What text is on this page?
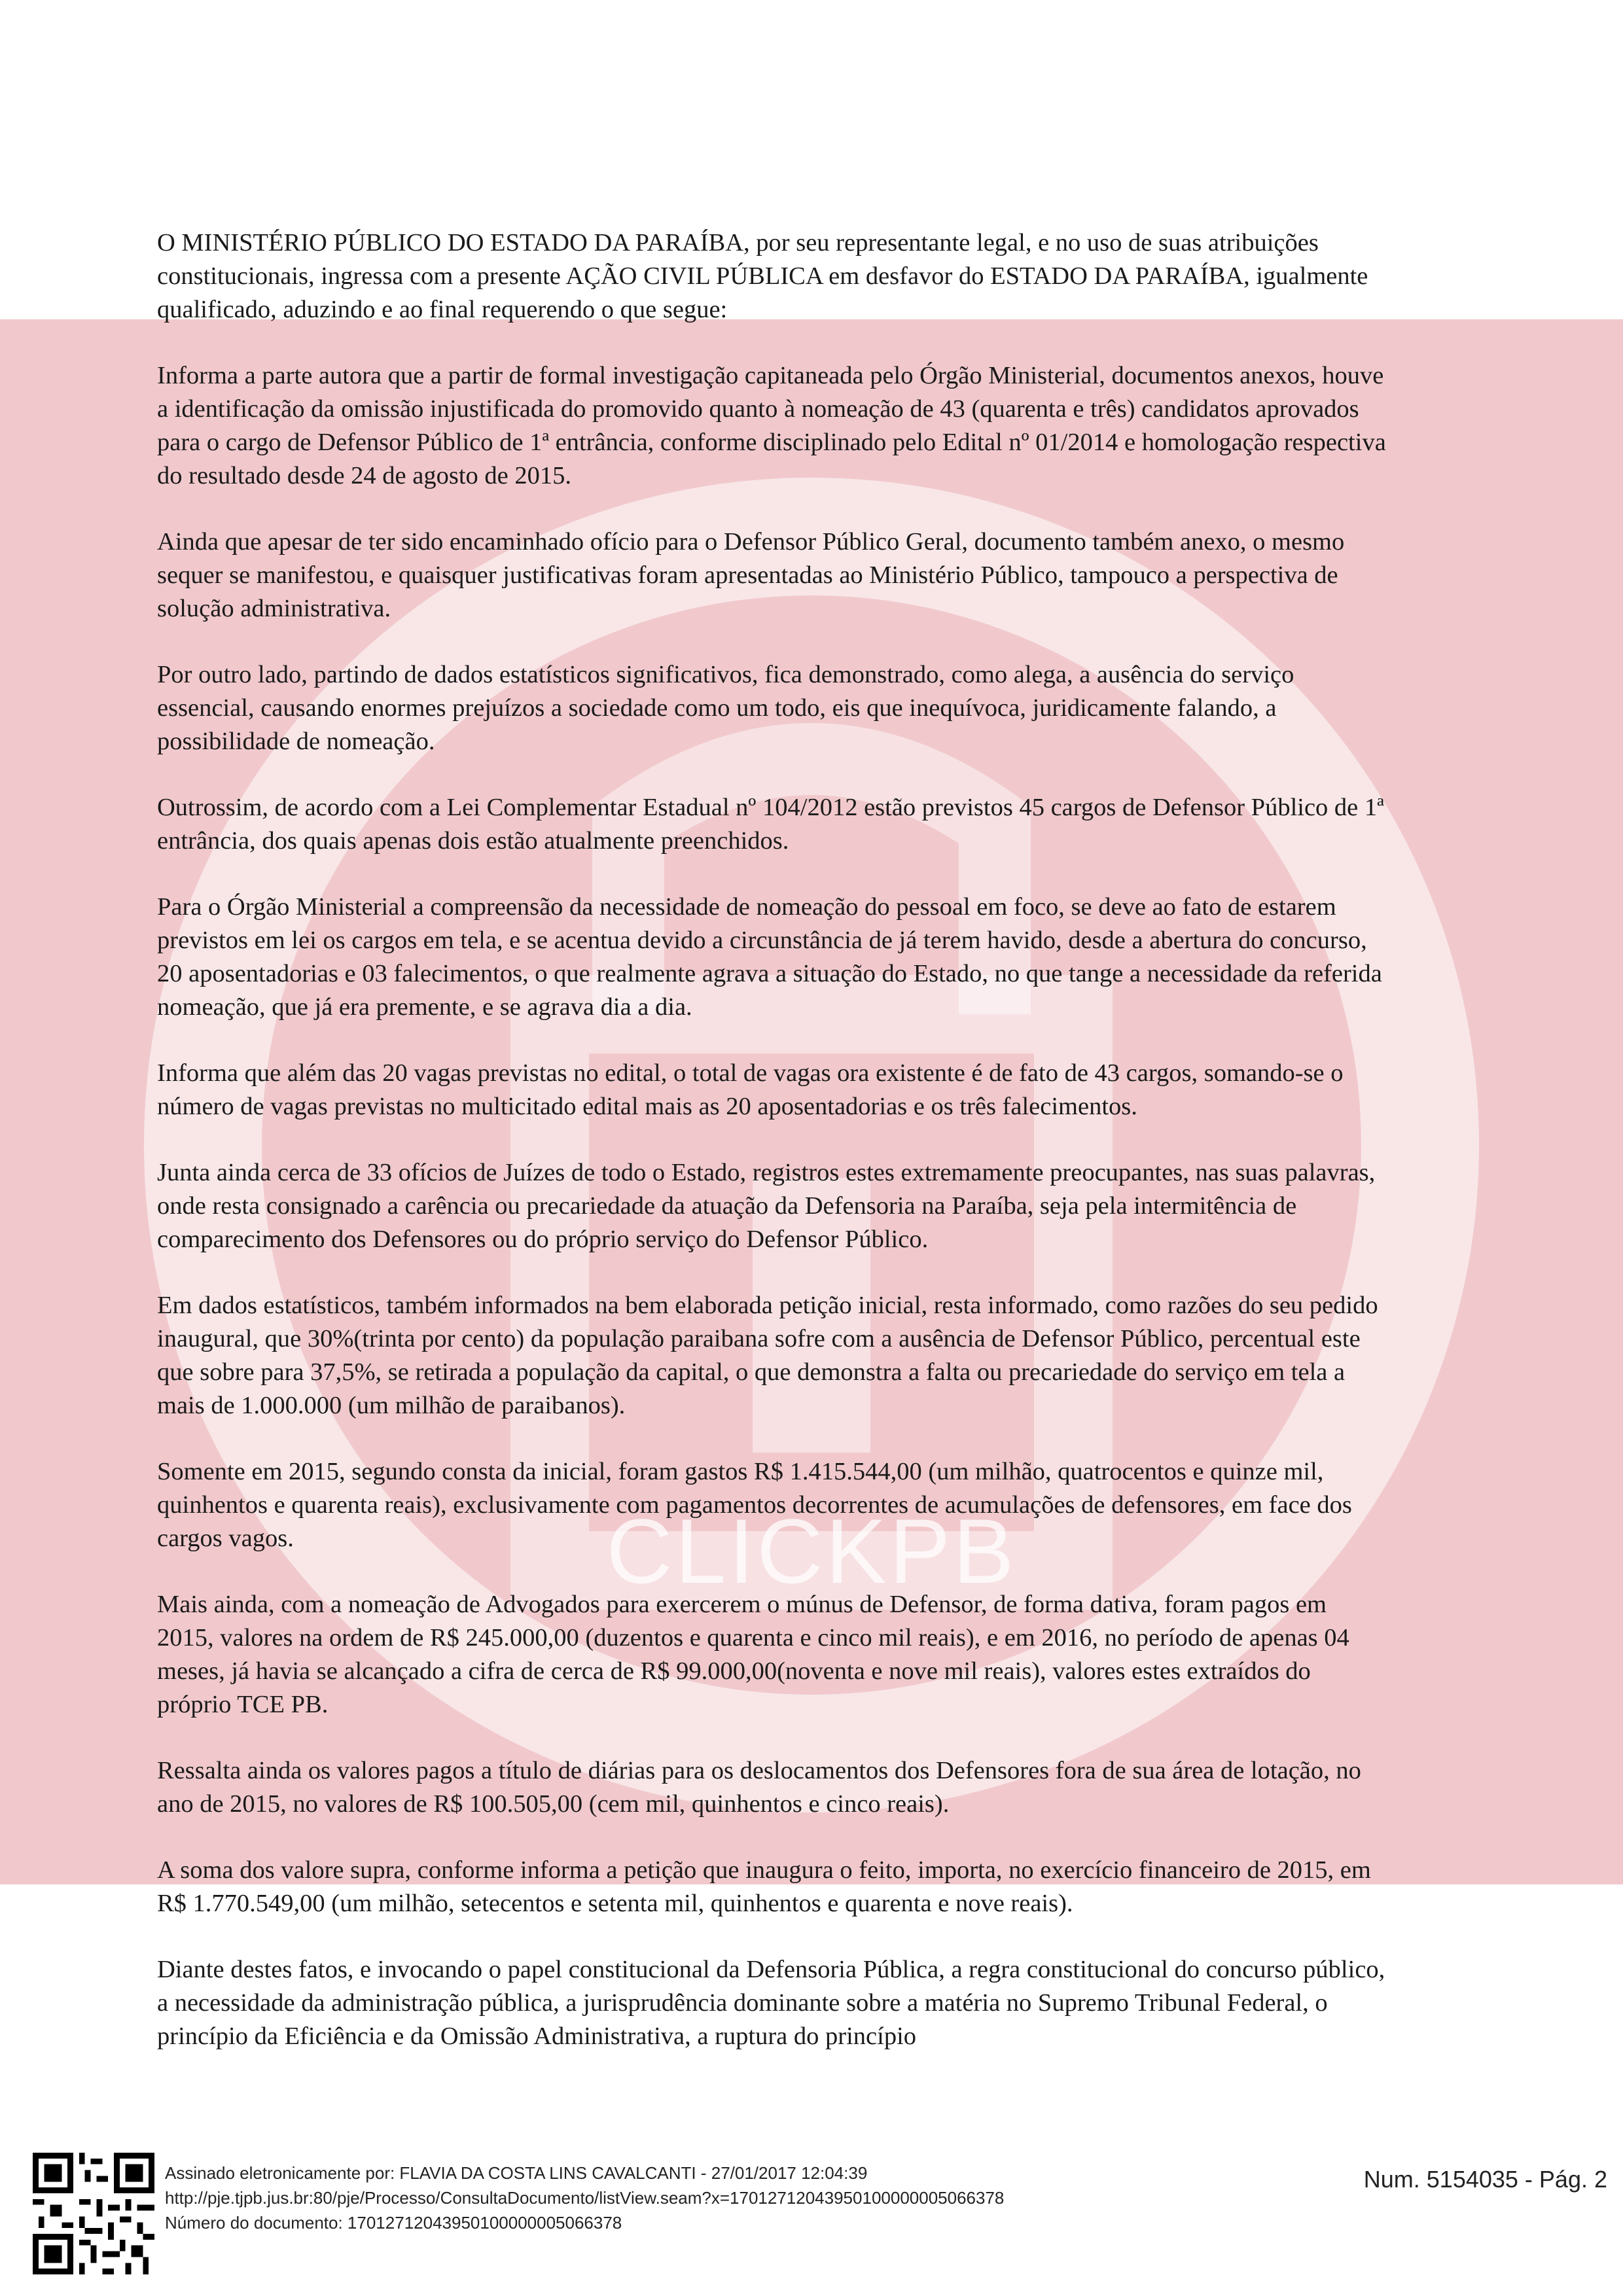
CLICKPB

O MINISTÉRIO PÚBLICO DO ESTADO DA PARAÍBA, por seu representante legal, e no uso de suas atribuições constitucionais, ingressa com a presente AÇÃO CIVIL PÚBLICA em desfavor do ESTADO DA PARAÍBA, igualmente qualificado, aduzindo e ao final requerendo o que segue:

Informa a parte autora que a partir de formal investigação capitaneada pelo Órgão Ministerial, documentos anexos, houve a identificação da omissão injustificada do promovido quanto à nomeação de 43 (quarenta e três) candidatos aprovados para o cargo de Defensor Público de 1ª entrância, conforme disciplinado pelo Edital nº 01/2014 e homologação respectiva do resultado desde 24 de agosto de 2015.

Ainda que apesar de ter sido encaminhado ofício para o Defensor Público Geral, documento também anexo, o mesmo sequer se manifestou, e quaisquer justificativas foram apresentadas ao Ministério Público, tampouco a perspectiva de solução administrativa.

Por outro lado, partindo de dados estatísticos significativos, fica demonstrado, como alega, a ausência do serviço essencial, causando enormes prejuízos a sociedade como um todo, eis que inequívoca, juridicamente falando, a possibilidade de nomeação.

Outrossim, de acordo com a Lei Complementar Estadual nº 104/2012 estão previstos 45 cargos de Defensor Público de 1ª entrância, dos quais apenas dois estão atualmente preenchidos.

Para o Órgão Ministerial a compreensão da necessidade de nomeação do pessoal em foco, se deve ao fato de estarem previstos em lei os cargos em tela, e se acentua devido a circunstância de já terem havido, desde a abertura do concurso, 20 aposentadorias e 03 falecimentos, o que realmente agrava a situação do Estado, no que tange a necessidade da referida nomeação, que já era premente, e se agrava dia a dia.

Informa que além das 20 vagas previstas no edital, o total de vagas ora existente é de fato de 43 cargos, somando-se o número de vagas previstas no multicitado edital mais as 20 aposentadorias e os três falecimentos.

Junta ainda cerca de 33 ofícios de Juízes de todo o Estado, registros estes extremamente preocupantes, nas suas palavras, onde resta consignado a carência ou precariedade da atuação da Defensoria na Paraíba, seja pela intermitência de comparecimento dos Defensores ou do próprio serviço do Defensor Público.

Em dados estatísticos, também informados na bem elaborada petição inicial, resta informado, como razões do seu pedido inaugural, que 30%(trinta por cento) da população paraibana sofre com a ausência de Defensor Público, percentual este que sobre para 37,5%, se retirada a população da capital, o que demonstra a falta ou precariedade do serviço em tela a mais de 1.000.000 (um milhão de paraibanos).

Somente em 2015, segundo consta da inicial, foram gastos R$ 1.415.544,00 (um milhão, quatrocentos e quinze mil, quinhentos e quarenta reais), exclusivamente com pagamentos decorrentes de acumulações de defensores, em face dos cargos vagos.

Mais ainda, com a nomeação de Advogados para exercerem o múnus de Defensor, de forma dativa, foram pagos em 2015, valores na ordem de R$ 245.000,00 (duzentos e quarenta e cinco mil reais), e em 2016, no período de apenas 04 meses, já havia se alcançado a cifra de cerca de R$ 99.000,00(noventa e nove mil reais), valores estes extraídos do próprio TCE PB.

Ressalta ainda os valores pagos a título de diárias para os deslocamentos dos Defensores fora de sua área de lotação, no ano de 2015, no valores de R$ 100.505,00 (cem mil, quinhentos e cinco reais).

A soma dos valore supra, conforme informa a petição que inaugura o feito, importa, no exercício financeiro de 2015, em R$ 1.770.549,00 (um milhão, setecentos e setenta mil, quinhentos e quarenta e nove reais).

Diante destes fatos, e invocando o papel constitucional da Defensoria Pública, a regra constitucional do concurso público, a necessidade da administração pública, a jurisprudência dominante sobre a matéria no Supremo Tribunal Federal, o princípio da Eficiência e da Omissão Administrativa, a ruptura do princípio

Assinado eletronicamente por: FLAVIA DA COSTA LINS CAVALCANTI - 27/01/2017 12:04:39
http://pje.tjpb.jus.br:80/pje/Processo/ConsultaDocumento/listView.seam?x=17012712043950100000005066378
Número do documento: 17012712043950100000005066378
Num. 5154035 - Pág. 2
